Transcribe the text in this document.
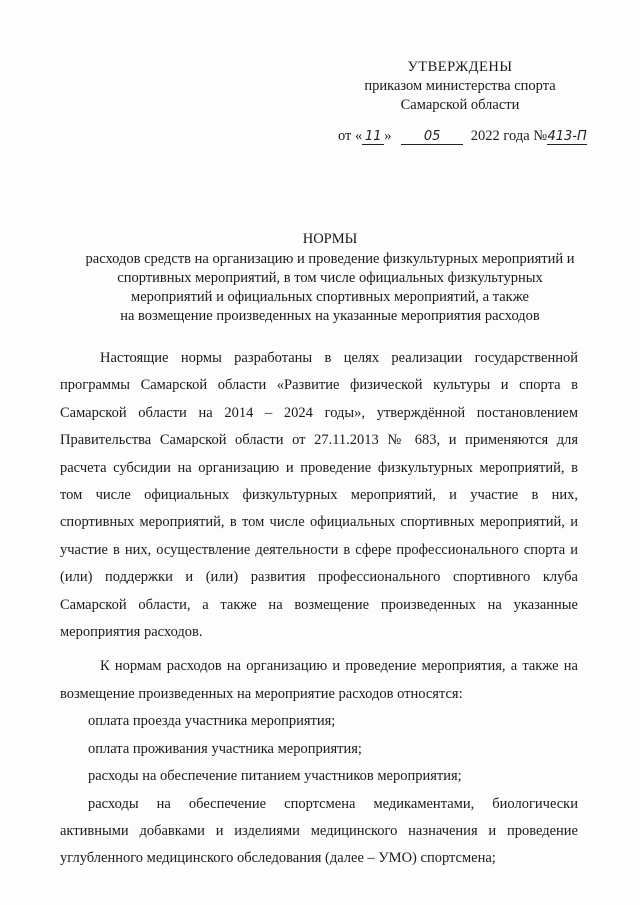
УТВЕРЖДЕНЫ
приказом министерства спорта
Самарской области
от « 11 » 05 2022 года №413-П
НОРМЫ
расходов средств на организацию и проведение физкультурных мероприятий и
спортивных мероприятий, в том числе официальных физкультурных
мероприятий и официальных спортивных мероприятий, а также
на возмещение произведенных на указанные мероприятия расходов

Настоящие нормы разработаны в целях реализации государственной программы Самарской области «Развитие физической культуры и спорта в Самарской области на 2014 – 2024 годы», утверждённой постановлением Правительства Самарской области от 27.11.2013 № 683, и применяются для расчета субсидии на организацию и проведение физкультурных мероприятий, в том числе официальных физкультурных мероприятий, и участие в них, спортивных мероприятий, в том числе официальных спортивных мероприятий, и участие в них, осуществление деятельности в сфере профессионального спорта и (или) поддержки и (или) развития профессионального спортивного клуба Самарской области, а также на возмещение произведенных на указанные мероприятия расходов.

К нормам расходов на организацию и проведение мероприятия, а также на возмещение произведенных на мероприятие расходов относятся:

оплата проезда участника мероприятия;

оплата проживания участника мероприятия;

расходы на обеспечение питанием участников мероприятия;

расходы на обеспечение спортсмена медикаментами, биологически активными добавками и изделиями медицинского назначения и проведение углубленного медицинского обследования (далее – УМО) спортсмена;
